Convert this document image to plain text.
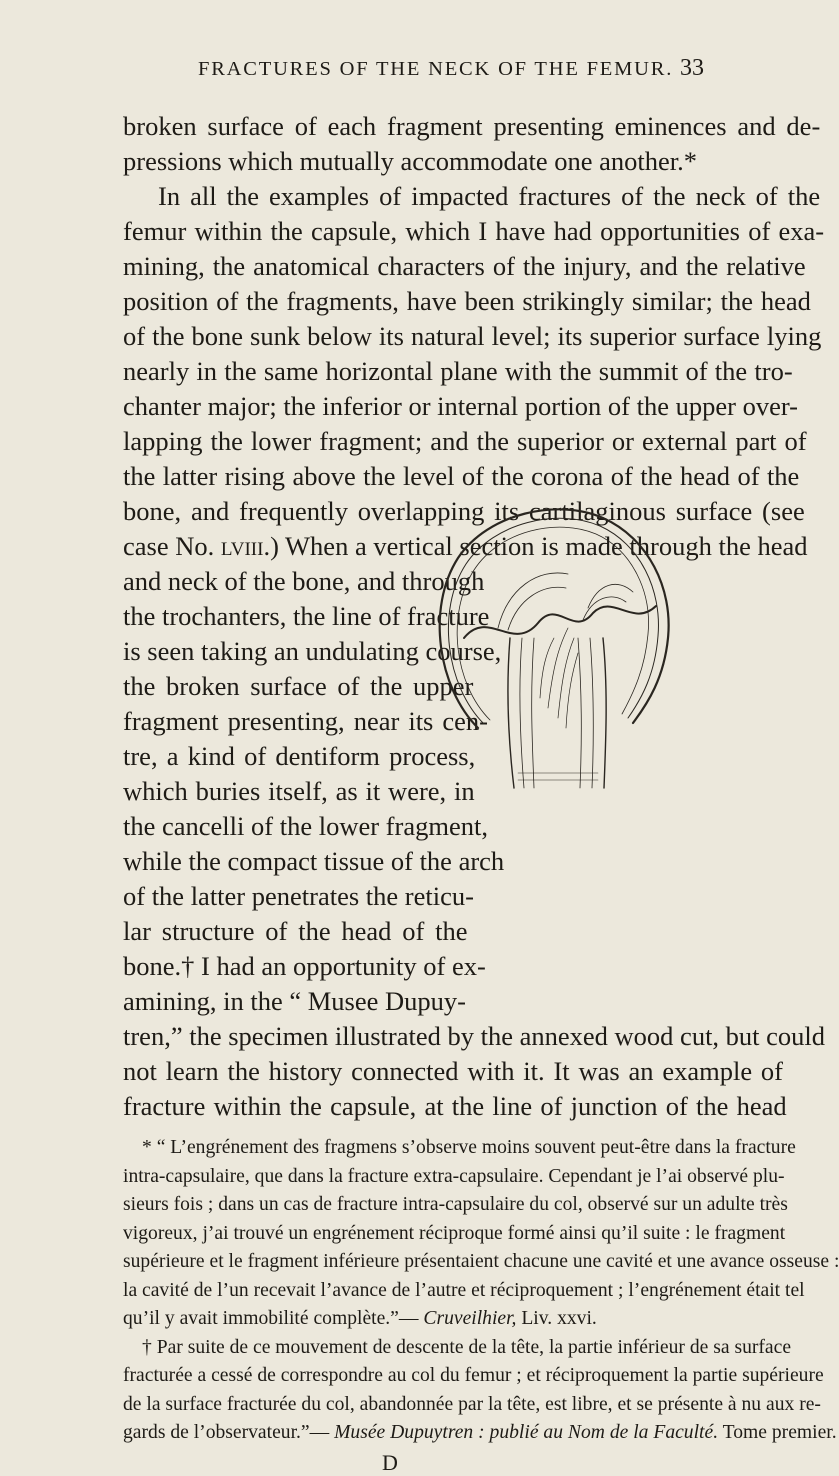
FRACTURES OF THE NECK OF THE FEMUR. 33
broken surface of each fragment presenting eminences and de-
pressions which mutually accommodate one another.*
In all the examples of impacted fractures of the neck of the
femur within the capsule, which I have had opportunities of exa-
mining, the anatomical characters of the injury, and the relative
position of the fragments, have been strikingly similar; the head
of the bone sunk below its natural level; its superior surface lying
nearly in the same horizontal plane with the summit of the tro-
chanter major; the inferior or internal portion of the upper over-
lapping the lower fragment; and the superior or external part of
the latter rising above the level of the corona of the head of the
bone, and frequently overlapping its cartilaginous surface (see
case No. lviii.) When a vertical section is made through the head
and neck of the bone, and through
the trochanters, the line of fracture
is seen taking an undulating course,
the broken surface of the upper
fragment presenting, near its cen-
tre, a kind of dentiform process,
which buries itself, as it were, in
the cancelli of the lower fragment,
while the compact tissue of the arch
of the latter penetrates the reticu-
lar structure of the head of the
bone.† I had an opportunity of ex-
amining, in the “ Musee Dupuy-
tren,” the specimen illustrated by the annexed wood cut, but could
not learn the history connected with it. It was an example of
fracture within the capsule, at the line of junction of the head
* “ L’engrénement des fragmens s’observe moins souvent peut-être dans la fracture
intra-capsulaire, que dans la fracture extra-capsulaire. Cependant je l’ai observé plu-
sieurs fois ; dans un cas de fracture intra-capsulaire du col, observé sur un adulte très
vigoreux, j’ai trouvé un engrénement réciproque formé ainsi qu’il suite : le fragment
supérieure et le fragment inférieure présentaient chacune une cavité et une avance osseuse :
la cavité de l’un recevait l’avance de l’autre et réciproquement ; l’engrénement était tel
qu’il y avait immobilité complète.”— Cruveilhier, Liv. xxvi.
† Par suite de ce mouvement de descente de la tête, la partie inférieur de sa surface
fracturée a cessé de correspondre au col du femur ; et réciproquement la partie supérieure
de la surface fracturée du col, abandonnée par la tête, est libre, et se présente à nu aux re-
gards de l’observateur.”— Musée Dupuytren : publié au Nom de la Faculté. Tome premier.
D
